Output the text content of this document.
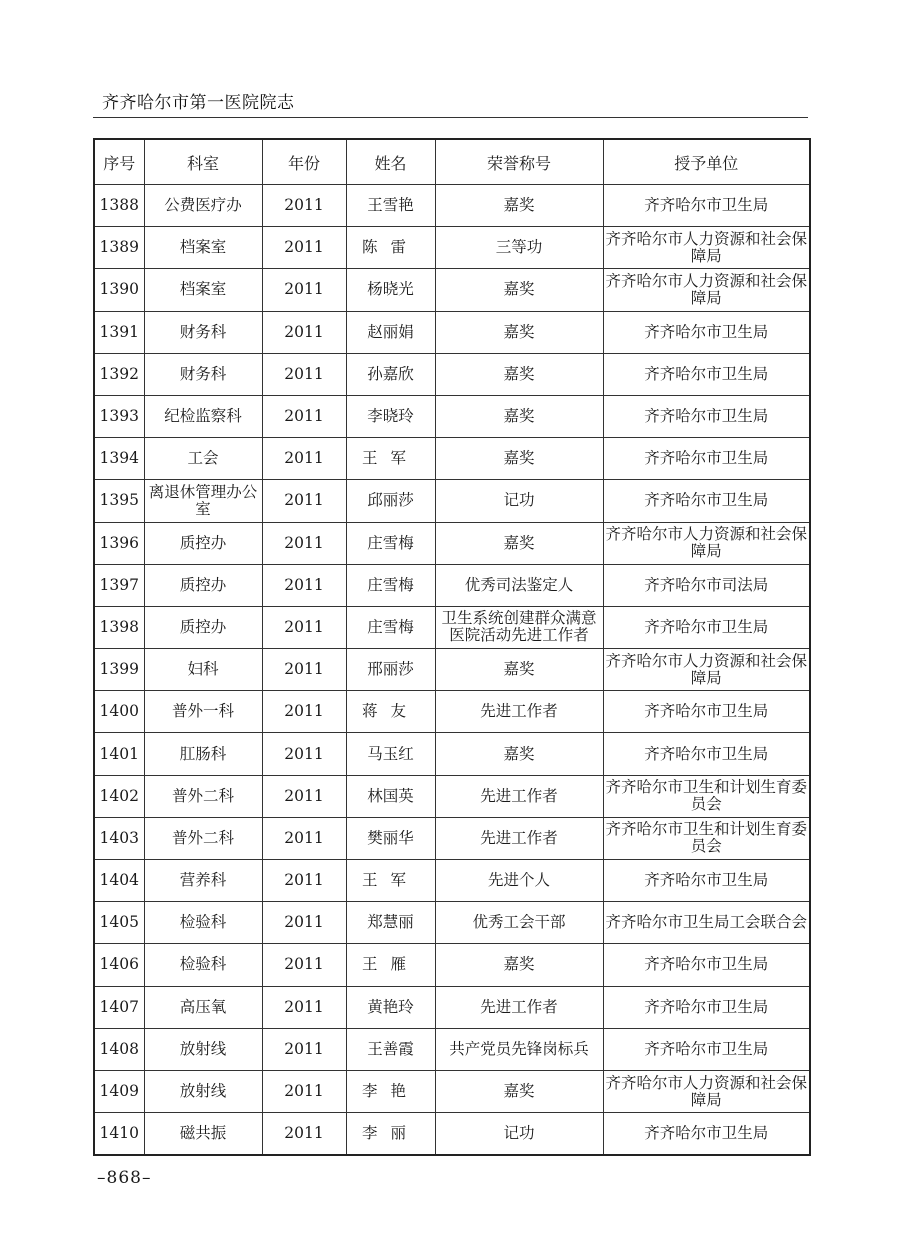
齐齐哈尔市第一医院院志
序号	科室	年份	姓名	荣誉称号	授予单位
1388	公费医疗办	2011	王雪艳	嘉奖	齐齐哈尔市卫生局
1389	档案室	2011	陈雷	三等功	齐齐哈尔市人力资源和社会保障局
1390	档案室	2011	杨晓光	嘉奖	齐齐哈尔市人力资源和社会保障局
1391	财务科	2011	赵丽娟	嘉奖	齐齐哈尔市卫生局
1392	财务科	2011	孙嘉欣	嘉奖	齐齐哈尔市卫生局
1393	纪检监察科	2011	李晓玲	嘉奖	齐齐哈尔市卫生局
1394	工会	2011	王军	嘉奖	齐齐哈尔市卫生局
1395	离退休管理办公室	2011	邱丽莎	记功	齐齐哈尔市卫生局
1396	质控办	2011	庄雪梅	嘉奖	齐齐哈尔市人力资源和社会保障局
1397	质控办	2011	庄雪梅	优秀司法鉴定人	齐齐哈尔市司法局
1398	质控办	2011	庄雪梅	卫生系统创建群众满意医院活动先进工作者	齐齐哈尔市卫生局
1399	妇科	2011	邢丽莎	嘉奖	齐齐哈尔市人力资源和社会保障局
1400	普外一科	2011	蒋友	先进工作者	齐齐哈尔市卫生局
1401	肛肠科	2011	马玉红	嘉奖	齐齐哈尔市卫生局
1402	普外二科	2011	林国英	先进工作者	齐齐哈尔市卫生和计划生育委员会
1403	普外二科	2011	樊丽华	先进工作者	齐齐哈尔市卫生和计划生育委员会
1404	营养科	2011	王军	先进个人	齐齐哈尔市卫生局
1405	检验科	2011	郑慧丽	优秀工会干部	齐齐哈尔市卫生局工会联合会
1406	检验科	2011	王雁	嘉奖	齐齐哈尔市卫生局
1407	高压氧	2011	黄艳玲	先进工作者	齐齐哈尔市卫生局
1408	放射线	2011	王善霞	共产党员先锋岗标兵	齐齐哈尔市卫生局
1409	放射线	2011	李艳	嘉奖	齐齐哈尔市人力资源和社会保障局
1410	磁共振	2011	李丽	记功	齐齐哈尔市卫生局
–868–
